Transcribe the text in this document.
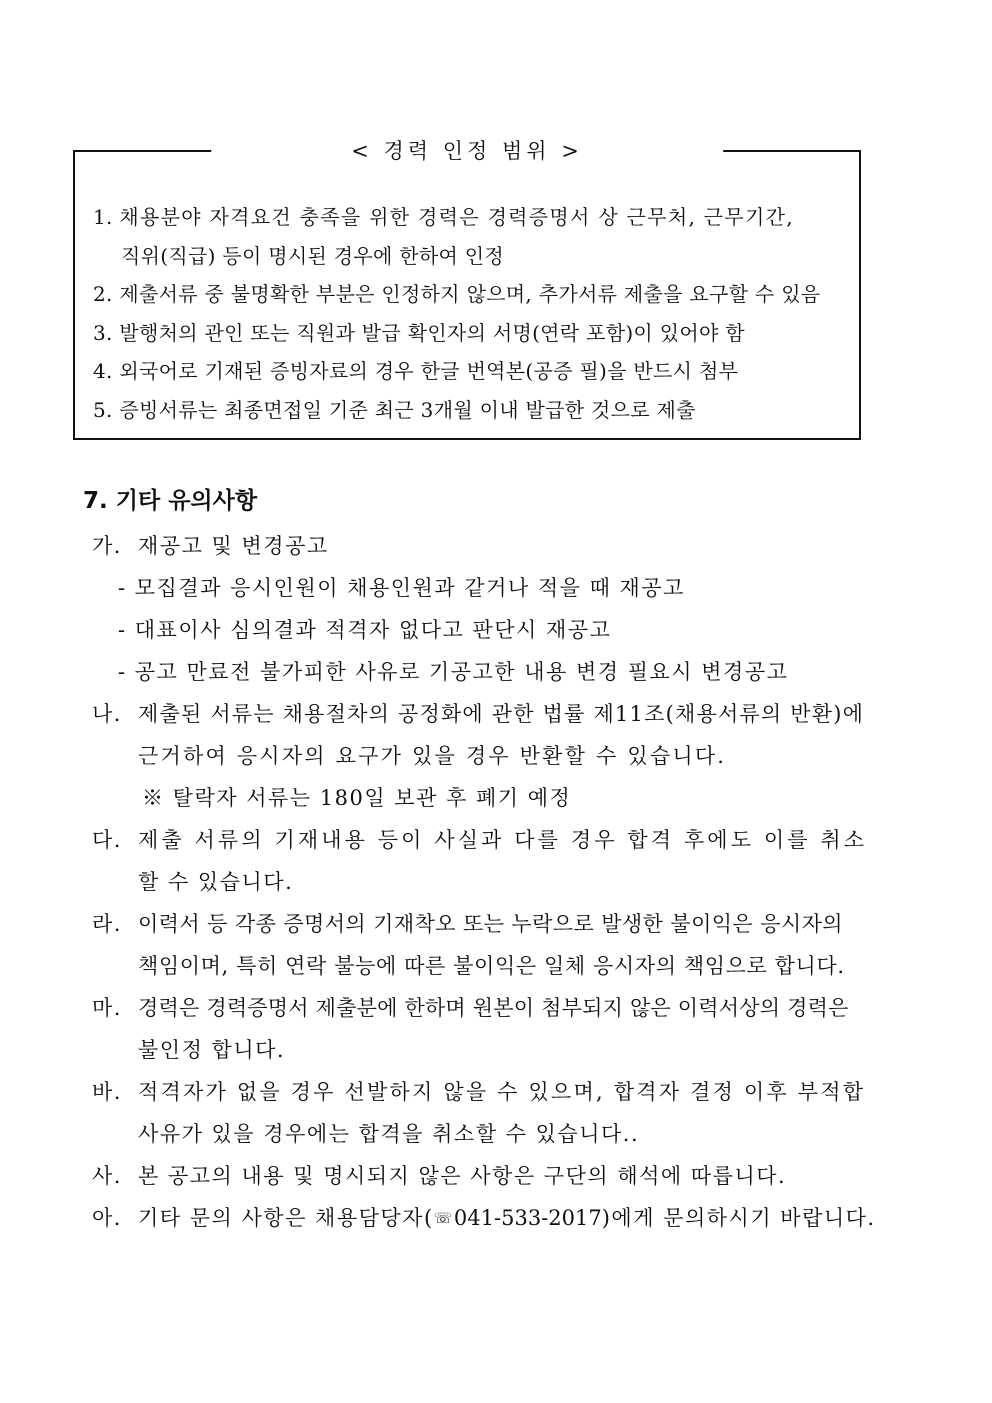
< 경력 인정 범위 >
1. 채용분야 자격요건 충족을 위한 경력은 경력증명서 상 근무처, 근무기간,
직위(직급) 등이 명시된 경우에 한하여 인정
2. 제출서류 중 불명확한 부분은 인정하지 않으며, 추가서류 제출을 요구할 수 있음
3. 발행처의 관인 또는 직원과 발급 확인자의 서명(연락 포함)이 있어야 함
4. 외국어로 기재된 증빙자료의 경우 한글 번역본(공증 필)을 반드시 첨부
5. 증빙서류는 최종면접일 기준 최근 3개월 이내 발급한 것으로 제출
7. 기타 유의사항
가. 재공고 및 변경공고
- 모집결과 응시인원이 채용인원과 같거나 적을 때 재공고
- 대표이사 심의결과 적격자 없다고 판단시 재공고
- 공고 만료전 불가피한 사유로 기공고한 내용 변경 필요시 변경공고
나. 제출된 서류는 채용절차의 공정화에 관한 법률 제11조(채용서류의 반환)에
근거하여 응시자의 요구가 있을 경우 반환할 수 있습니다.
※ 탈락자 서류는 180일 보관 후 폐기 예정
다. 제출 서류의 기재내용 등이 사실과 다를 경우 합격 후에도 이를 취소
할 수 있습니다.
라. 이력서 등 각종 증명서의 기재착오 또는 누락으로 발생한 불이익은 응시자의
책임이며, 특히 연락 불능에 따른 불이익은 일체 응시자의 책임으로 합니다.
마. 경력은 경력증명서 제출분에 한하며 원본이 첨부되지 않은 이력서상의 경력은
불인정 합니다.
바. 적격자가 없을 경우 선발하지 않을 수 있으며, 합격자 결정 이후 부적합
사유가 있을 경우에는 합격을 취소할 수 있습니다..
사. 본 공고의 내용 및 명시되지 않은 사항은 구단의 해석에 따릅니다.
아. 기타 문의 사항은 채용담당자(☏041-533-2017)에게 문의하시기 바랍니다.
